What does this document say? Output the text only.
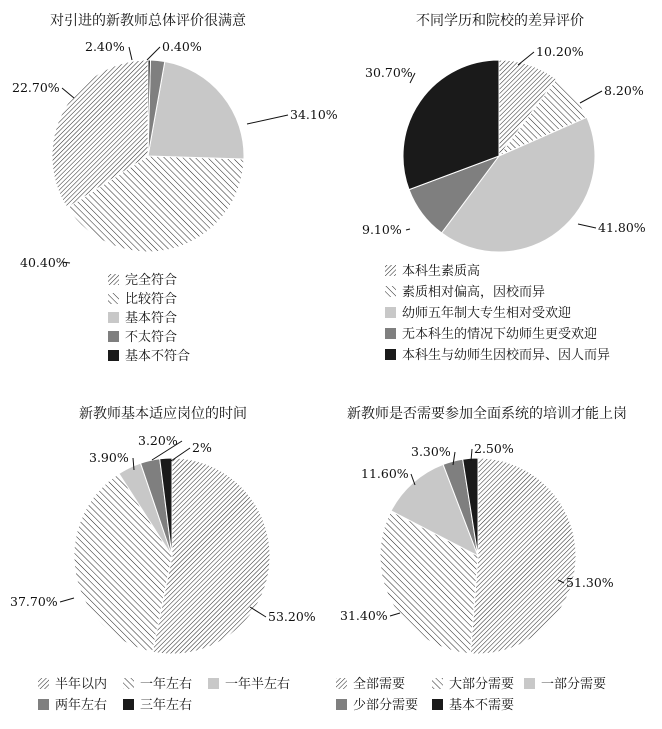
对引进的新教师总体评价很满意
34.10%
40.40%
22.70%
2.40%	0.40%
完全符合
比较符合
基本符合
不太符合
基本不符合
不同学历和院校的差异评价
10.20%
8.20%
41.80%
9.10%
30.70%
本科生素质高
素质相对偏高，因校而异
幼师五年制大专生相对受欢迎
无本科生的情况下幼师生更受欢迎
本科生与幼师生因校而异、因人而异
新教师基本适应岗位的时间
53.20%
37.70%
3.90%
3.20% 2%
半年以内	一年左右	一年半左右
两年左右	三年左右
新教师是否需要参加全面系统的培训才能上岗
51.30%
31.40%
11.60%
3.30% 2.50%
全部需要	大部分需要 一部分需要
少部分需要 基本不需要
